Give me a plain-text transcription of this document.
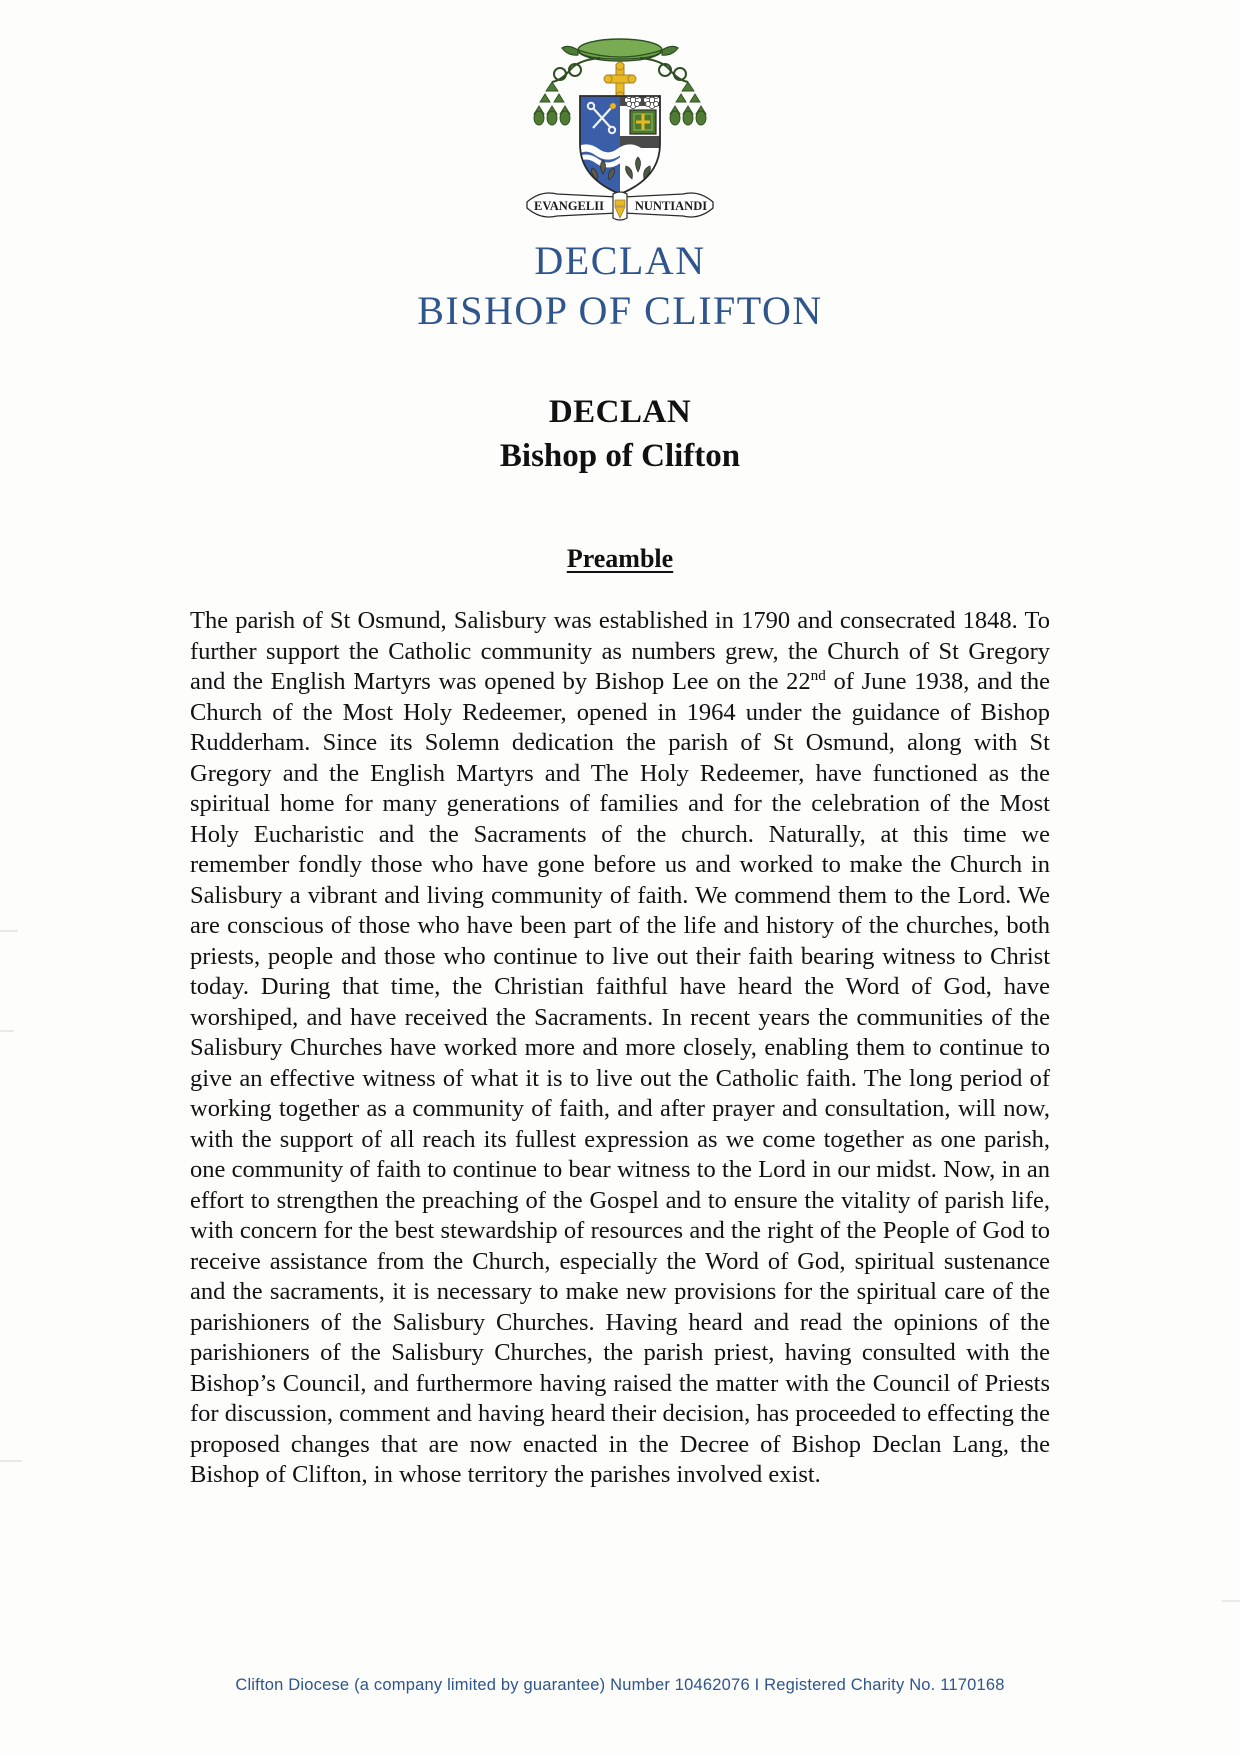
EVANGELII NUNTIANDI
DECLAN
BISHOP OF CLIFTON
DECLAN
Bishop of Clifton
Preamble

The parish of St Osmund, Salisbury was established in 1790 and consecrated 1848. To further support the Catholic community as numbers grew, the Church of St Gregory and the English Martyrs was opened by Bishop Lee on the 22nd of June 1938, and the Church of the Most Holy Redeemer, opened in 1964 under the guidance of Bishop Rudderham. Since its Solemn dedication the parish of St Osmund, along with St Gregory and the English Martyrs and The Holy Redeemer, have functioned as the spiritual home for many generations of families and for the celebration of the Most Holy Eucharistic and the Sacraments of the church. Naturally, at this time we remember fondly those who have gone before us and worked to make the Church in Salisbury a vibrant and living community of faith. We commend them to the Lord. We are conscious of those who have been part of the life and history of the churches, both priests, people and those who continue to live out their faith bearing witness to Christ today. During that time, the Christian faithful have heard the Word of God, have worshiped, and have received the Sacraments. In recent years the communities of the Salisbury Churches have worked more and more closely, enabling them to continue to give an effective witness of what it is to live out the Catholic faith. The long period of working together as a community of faith, and after prayer and consultation, will now, with the support of all reach its fullest expression as we come together as one parish, one community of faith to continue to bear witness to the Lord in our midst. Now, in an effort to strengthen the preaching of the Gospel and to ensure the vitality of parish life, with concern for the best stewardship of resources and the right of the People of God to receive assistance from the Church, especially the Word of God, spiritual sustenance and the sacraments, it is necessary to make new provisions for the spiritual care of the parishioners of the Salisbury Churches. Having heard and read the opinions of the parishioners of the Salisbury Churches, the parish priest, having consulted with the Bishop’s Council, and furthermore having raised the matter with the Council of Priests for discussion, comment and having heard their decision, has proceeded to effecting the proposed changes that are now enacted in the Decree of Bishop Declan Lang, the Bishop of Clifton, in whose territory the parishes involved exist.

Clifton Diocese (a company limited by guarantee) Number 10462076 I Registered Charity No. 1170168
